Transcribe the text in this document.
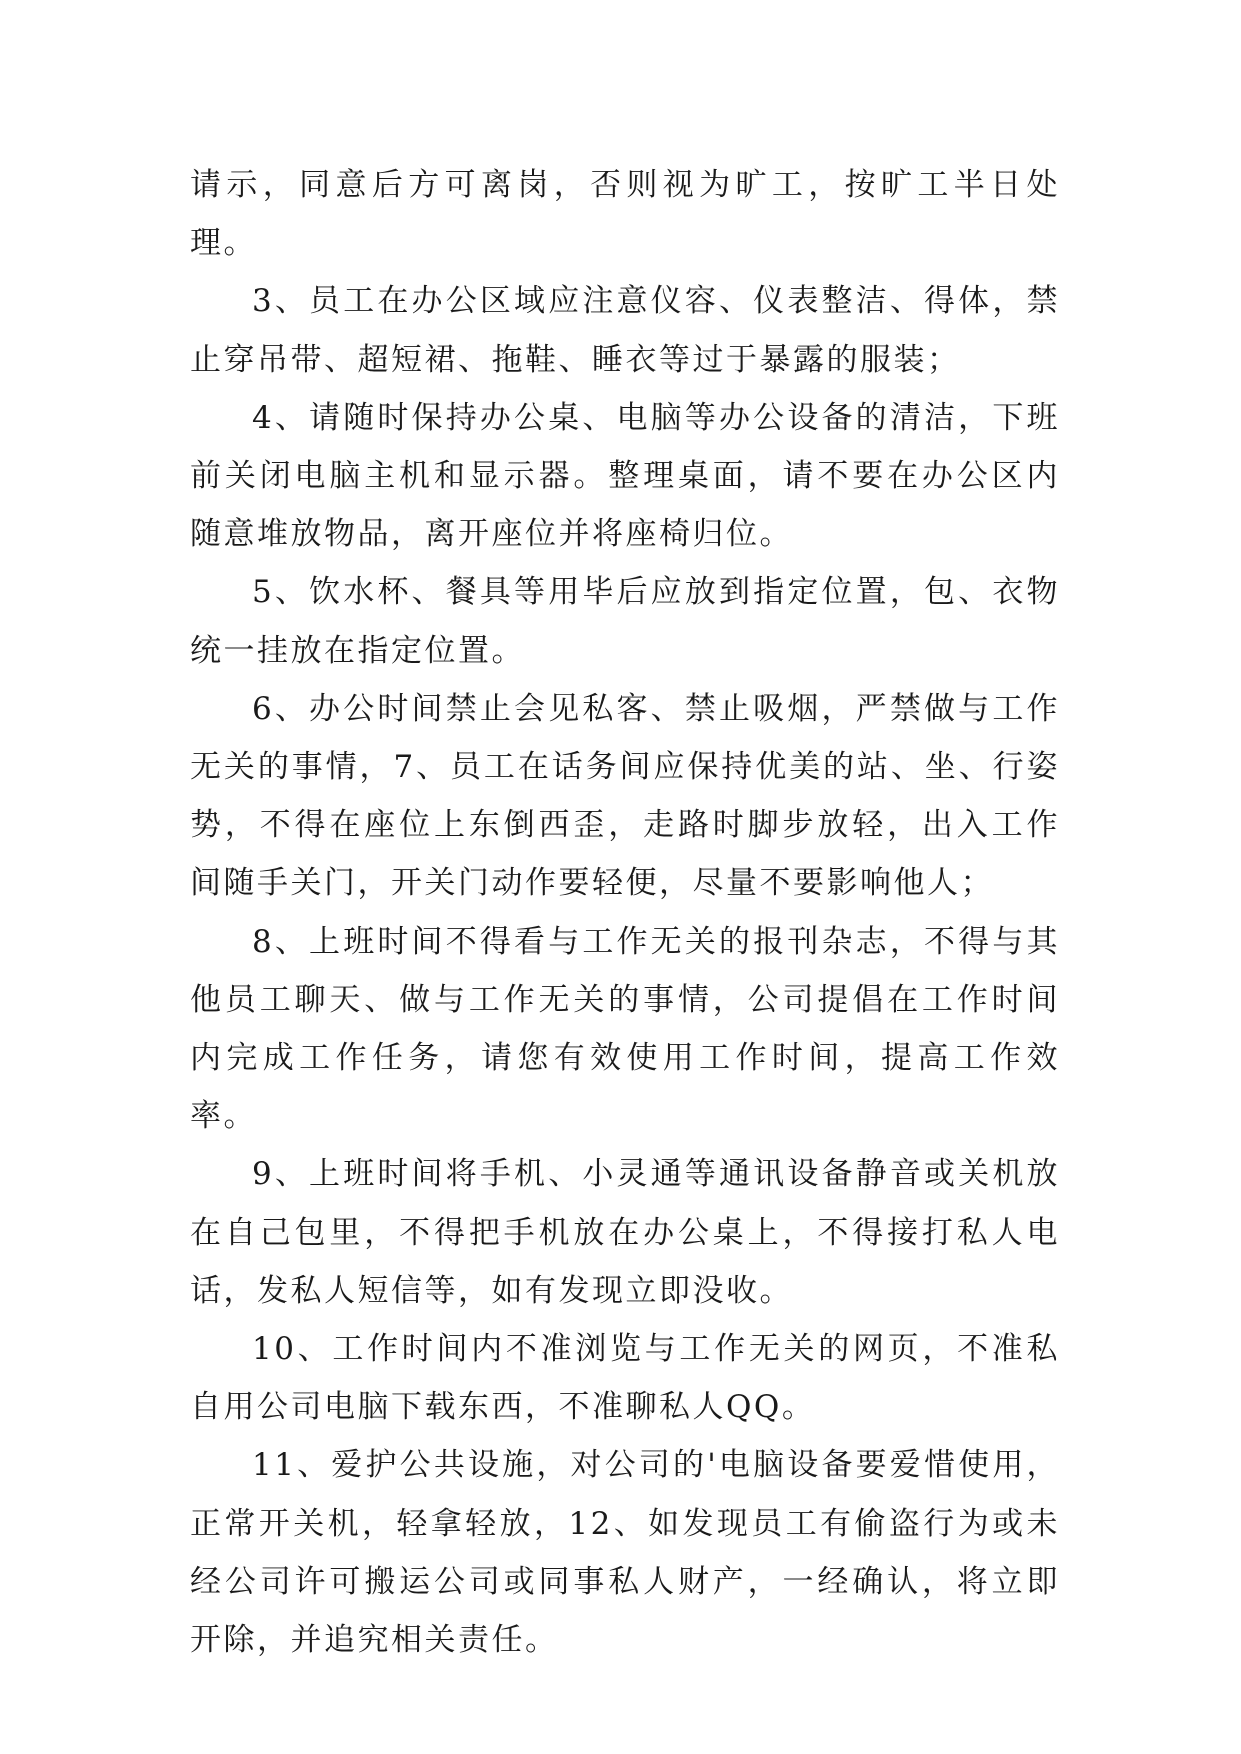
请示，同意后方可离岗，否则视为旷工，按旷工半日处理。

3、员工在办公区域应注意仪容、仪表整洁、得体，禁止穿吊带、超短裙、拖鞋、睡衣等过于暴露的服装；

4、请随时保持办公桌、电脑等办公设备的清洁，下班前关闭电脑主机和显示器。整理桌面，请不要在办公区内随意堆放物品，离开座位并将座椅归位。

5、饮水杯、餐具等用毕后应放到指定位置，包、衣物统一挂放在指定位置。

6、办公时间禁止会见私客、禁止吸烟，严禁做与工作无关的事情，7、员工在话务间应保持优美的站、坐、行姿势，不得在座位上东倒西歪，走路时脚步放轻，出入工作间随手关门，开关门动作要轻便，尽量不要影响他人；

8、上班时间不得看与工作无关的报刊杂志，不得与其他员工聊天、做与工作无关的事情，公司提倡在工作时间内完成工作任务，请您有效使用工作时间，提高工作效率。

9、上班时间将手机、小灵通等通讯设备静音或关机放在自己包里，不得把手机放在办公桌上，不得接打私人电话，发私人短信等，如有发现立即没收。

10、工作时间内不准浏览与工作无关的网页，不准私自用公司电脑下载东西，不准聊私人QQ。

11、爱护公共设施，对公司的'电脑设备要爱惜使用，正常开关机，轻拿轻放，12、如发现员工有偷盗行为或未经公司许可搬运公司或同事私人财产，一经确认，将立即开除，并追究相关责任。
